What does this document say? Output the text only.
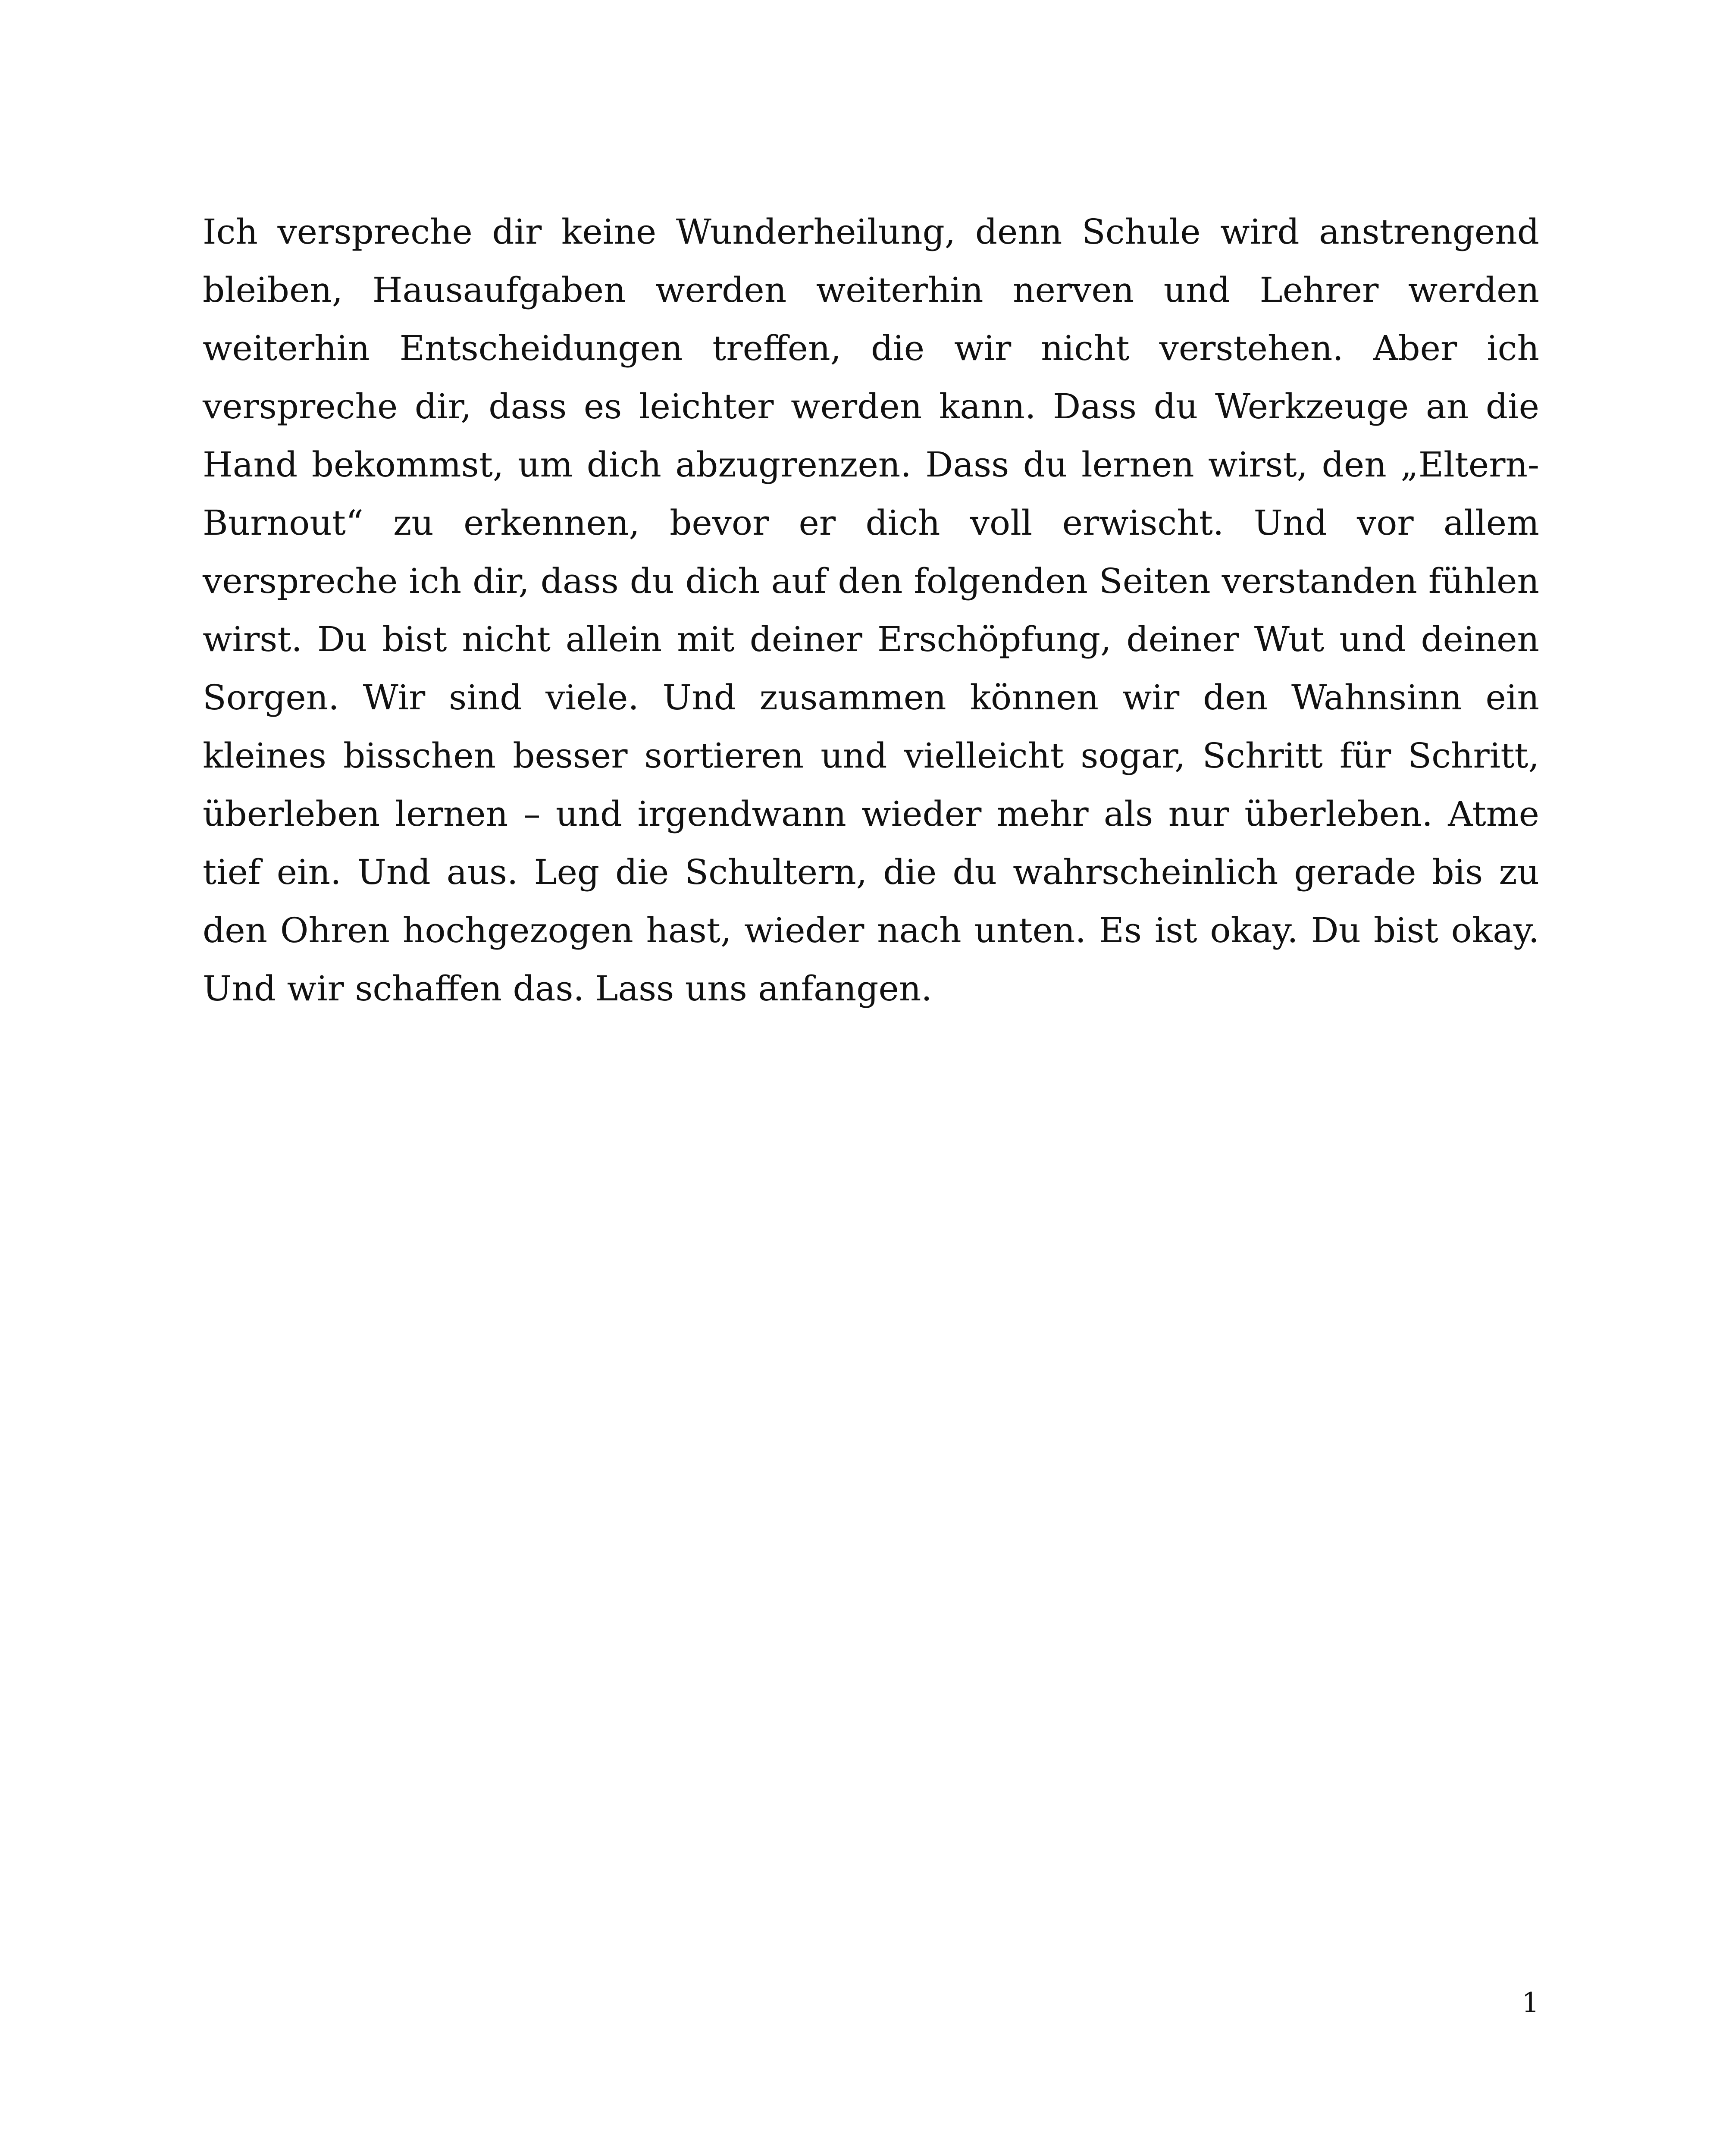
Ich verspreche dir keine Wunderheilung, denn Schule wird anstrengend bleiben, Hausaufgaben werden weiterhin nerven und Lehrer werden weiterhin Entscheidungen treffen, die wir nicht verstehen. Aber ich verspreche dir, dass es leichter werden kann. Dass du Werkzeuge an die Hand bekommst, um dich abzugrenzen. Dass du lernen wirst, den „Eltern-Burnout“ zu erkennen, bevor er dich voll erwischt. Und vor allem verspreche ich dir, dass du dich auf den folgenden Seiten verstanden fühlen wirst. Du bist nicht allein mit deiner Erschöpfung, deiner Wut und deinen Sorgen. Wir sind viele. Und zusammen können wir den Wahnsinn ein kleines bisschen besser sortieren und vielleicht sogar, Schritt für Schritt, überleben lernen – und irgendwann wieder mehr als nur überleben. Atme tief ein. Und aus. Leg die Schultern, die du wahrscheinlich gerade bis zu den Ohren hochgezogen hast, wieder nach unten. Es ist okay. Du bist okay. Und wir schaffen das. Lass uns anfangen.

1
